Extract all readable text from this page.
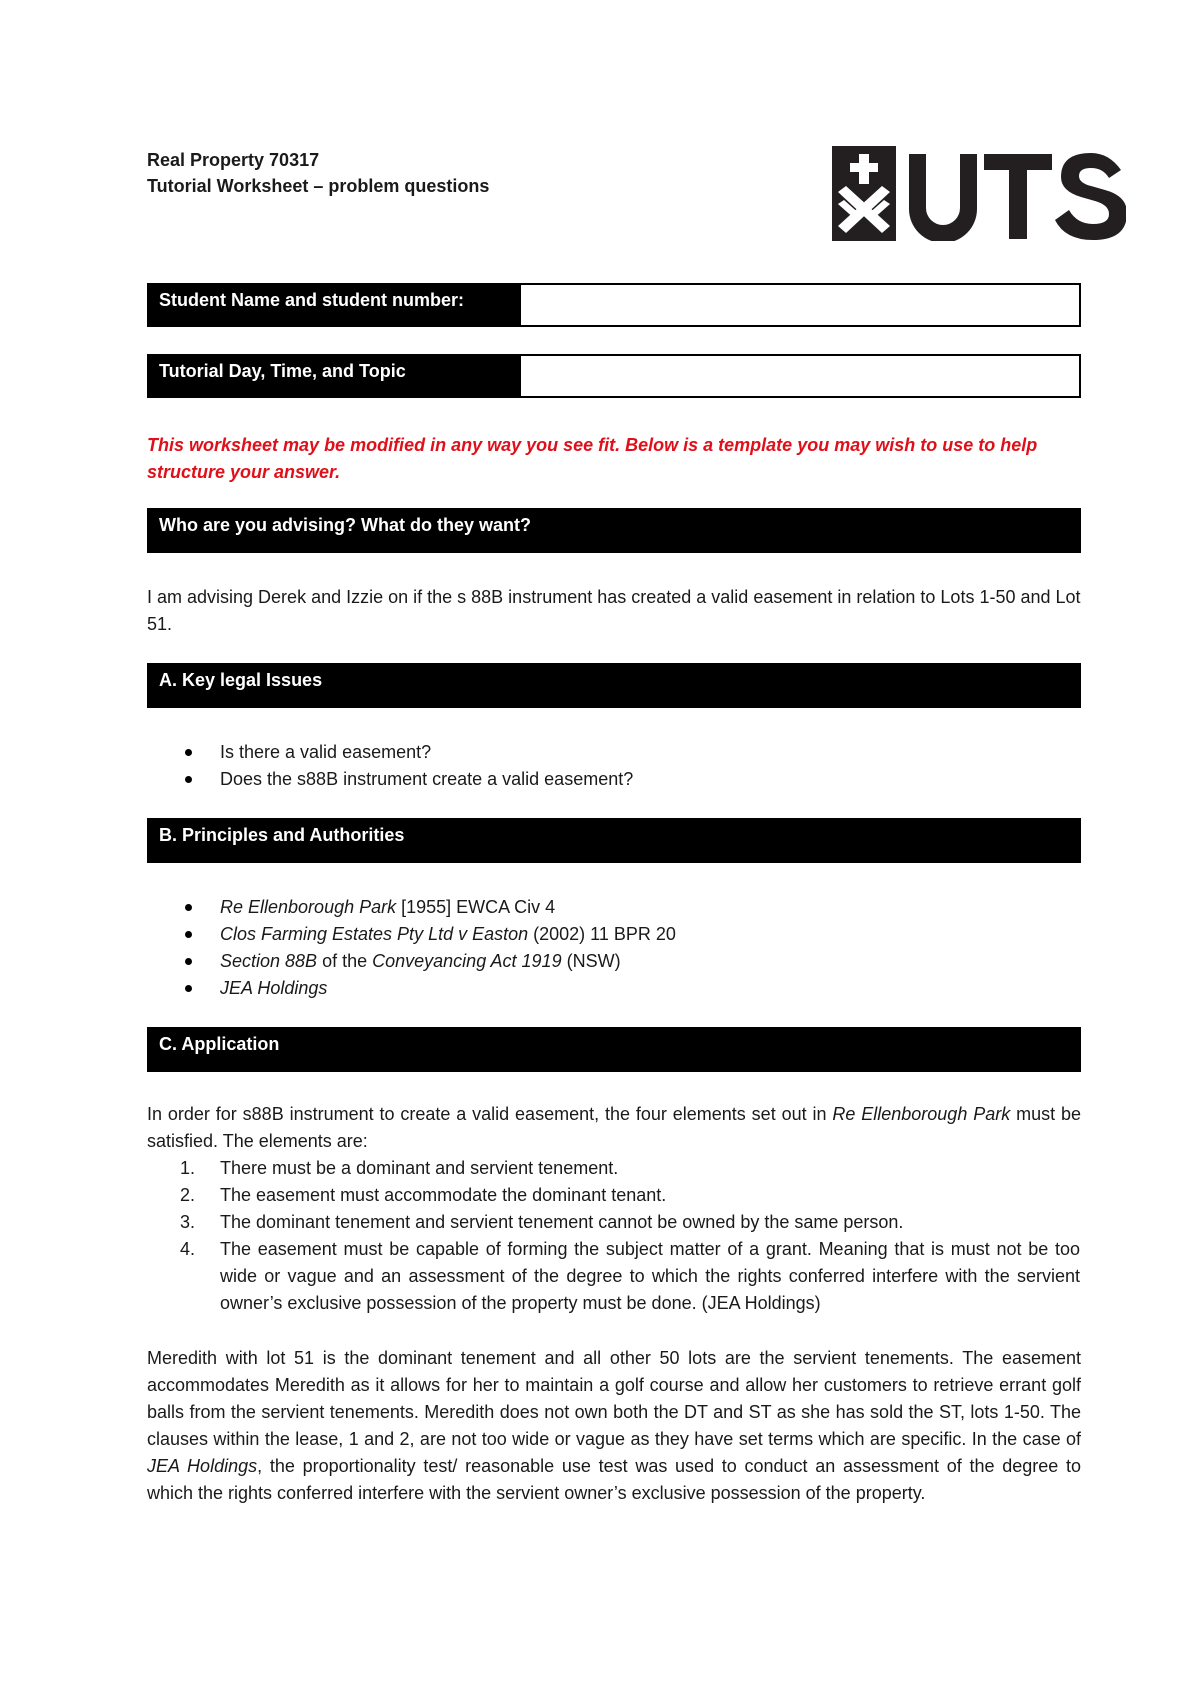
Real Property 70317
Tutorial Worksheet – problem questions
Student Name and student number:
Tutorial Day, Time, and Topic
This worksheet may be modified in any way you see fit. Below is a template you may wish to use to help structure your answer.
Who are you advising? What do they want?
I am advising Derek and Izzie on if the s 88B instrument has created a valid easement in relation to Lots 1-50 and Lot 51.
A. Key legal Issues
Is there a valid easement?
Does the s88B instrument create a valid easement?
B. Principles and Authorities
Re Ellenborough Park [1955] EWCA Civ 4
Clos Farming Estates Pty Ltd v Easton (2002) 11 BPR 20
Section 88B of the Conveyancing Act 1919 (NSW)
JEA Holdings
C. Application
In order for s88B instrument to create a valid easement, the four elements set out in Re Ellenborough Park must be satisfied. The elements are:
1. There must be a dominant and servient tenement.
2. The easement must accommodate the dominant tenant.
3. The dominant tenement and servient tenement cannot be owned by the same person.
4. The easement must be capable of forming the subject matter of a grant. Meaning that is must not be too wide or vague and an assessment of the degree to which the rights conferred interfere with the servient owner’s exclusive possession of the property must be done. (JEA Holdings)
Meredith with lot 51 is the dominant tenement and all other 50 lots are the servient tenements. The easement accommodates Meredith as it allows for her to maintain a golf course and allow her customers to retrieve errant golf balls from the servient tenements. Meredith does not own both the DT and ST as she has sold the ST, lots 1-50. The clauses within the lease, 1 and 2, are not too wide or vague as they have set terms which are specific. In the case of JEA Holdings, the proportionality test/ reasonable use test was used to conduct an assessment of the degree to which the rights conferred interfere with the servient owner’s exclusive possession of the property.
